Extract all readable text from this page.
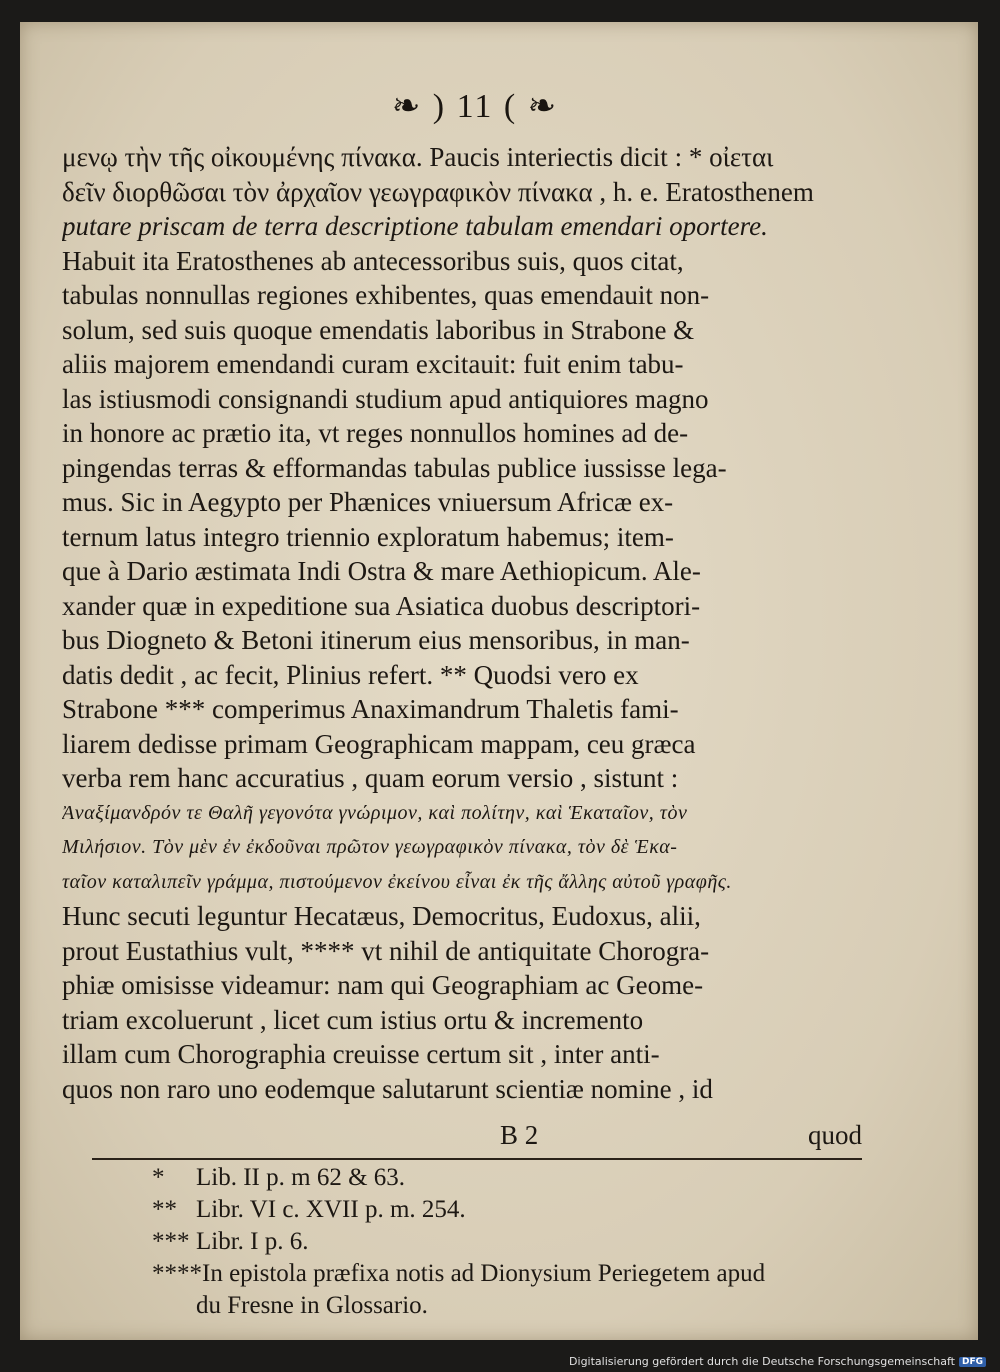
❧ ) 11 ( ❧
μενῳ τὴν τῆς οἰκουμένης πίνακα. Paucis interiectis dicit : * οἰεται
δεῖν διορθῶσαι τὸν ἀρχαῖον γεωγραφικὸν πίνακα , h. e. Eratosthenem
putare priscam de terra descriptione tabulam emendari oportere.
Habuit ita Eratosthenes ab antecessoribus suis, quos citat,
tabulas nonnullas regiones exhibentes, quas emendauit non-
solum, sed suis quoque emendatis laboribus in Strabone &
aliis majorem emendandi curam excitauit: fuit enim tabu-
las istiusmodi consignandi studium apud antiquiores magno
in honore ac prætio ita, vt reges nonnullos homines ad de-
pingendas terras & efformandas tabulas publice iussisse lega-
mus. Sic in Aegypto per Phænices vniuersum Africæ ex-
ternum latus integro triennio exploratum habemus; item-
que à Dario æstimata Indi Ostra & mare Aethiopicum. Ale-
xander quæ in expeditione sua Asiatica duobus descriptori-
bus Diogneto & Betoni itinerum eius mensoribus, in man-
datis dedit , ac fecit, Plinius refert. ** Quodsi vero ex
Strabone *** comperimus Anaximandrum Thaletis fami-
liarem dedisse primam Geographicam mappam, ceu græca
verba rem hanc accuratius , quam eorum versio , sistunt :
Ἀναξίμανδρόν τε Θαλῆ γεγονότα γνώριμον, καὶ πολίτην, καὶ Ἑκαταῖον, τὸν
Μιλήσιον. Τὸν μὲν ἐν ἐκδοῦναι πρῶτον γεωγραφικὸν πίνακα, τὸν δὲ Ἑκα-
ταῖον καταλιπεῖν γράμμα, πιστούμενον ἐκείνου εἶναι ἐκ τῆς ἄλλης αὐτοῦ γραφῆς.
Hunc secuti leguntur Hecatæus, Democritus, Eudoxus, alii,
prout Eustathius vult, **** vt nihil de antiquitate Chorogra-
phiæ omisisse videamur: nam qui Geographiam ac Geome-
triam excoluerunt , licet cum istius ortu & incremento
illam cum Chorographia creuisse certum sit , inter anti-
quos non raro uno eodemque salutarunt scientiæ nomine , id
B 2	quod
* Lib. II p. m 62 & 63.
** Libr. VI c. XVII p. m. 254.
*** Libr. I p. 6.
****In epistola præfixa notis ad Dionysium Periegetem apud
du Fresne in Glossario.
Digitalisierung gefördert durch die Deutsche Forschungsgemeinschaft DFG
